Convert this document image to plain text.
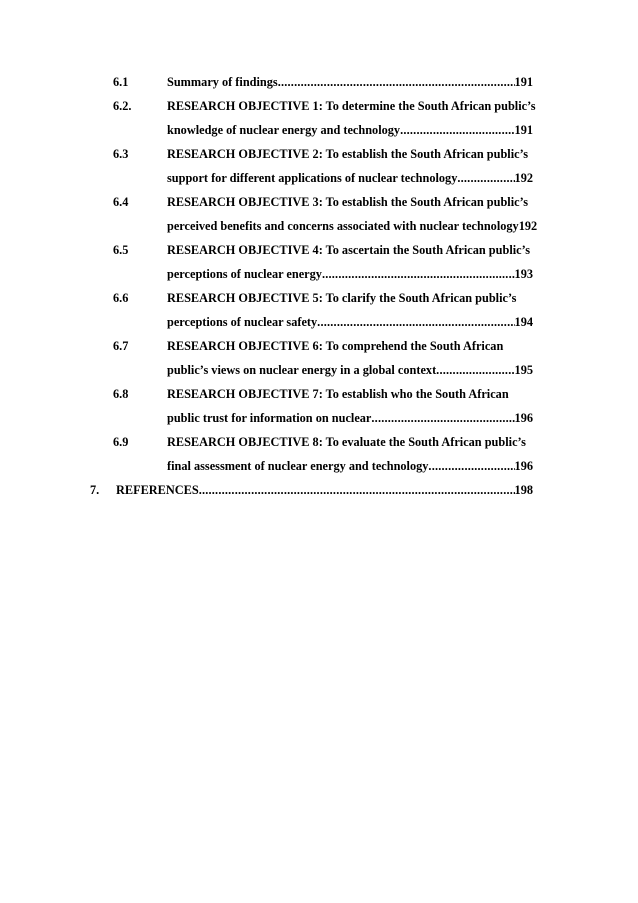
6.1	Summary of findings .....	191
6.2.	RESEARCH OBJECTIVE 1: To determine the South African public’s
knowledge of nuclear energy and technology .....	191
6.3	RESEARCH OBJECTIVE 2: To establish the South African public’s
support for different applications of nuclear technology .....	192
6.4	RESEARCH OBJECTIVE 3: To establish the South African public’s
perceived benefits and concerns associated with nuclear technology 192
6.5	RESEARCH OBJECTIVE 4: To ascertain the South African public’s
perceptions of nuclear energy .....	193
6.6	RESEARCH OBJECTIVE 5: To clarify the South African public’s
perceptions of nuclear safety .....	194
6.7	RESEARCH OBJECTIVE 6: To comprehend the South African
public’s views on nuclear energy in a global context .....	195
6.8	RESEARCH OBJECTIVE 7: To establish who the South African
public trust for information on nuclear .....	196
6.9	RESEARCH OBJECTIVE 8: To evaluate the South African public’s
final assessment of nuclear energy and technology .....	196
7. REFERENCES .....	198
